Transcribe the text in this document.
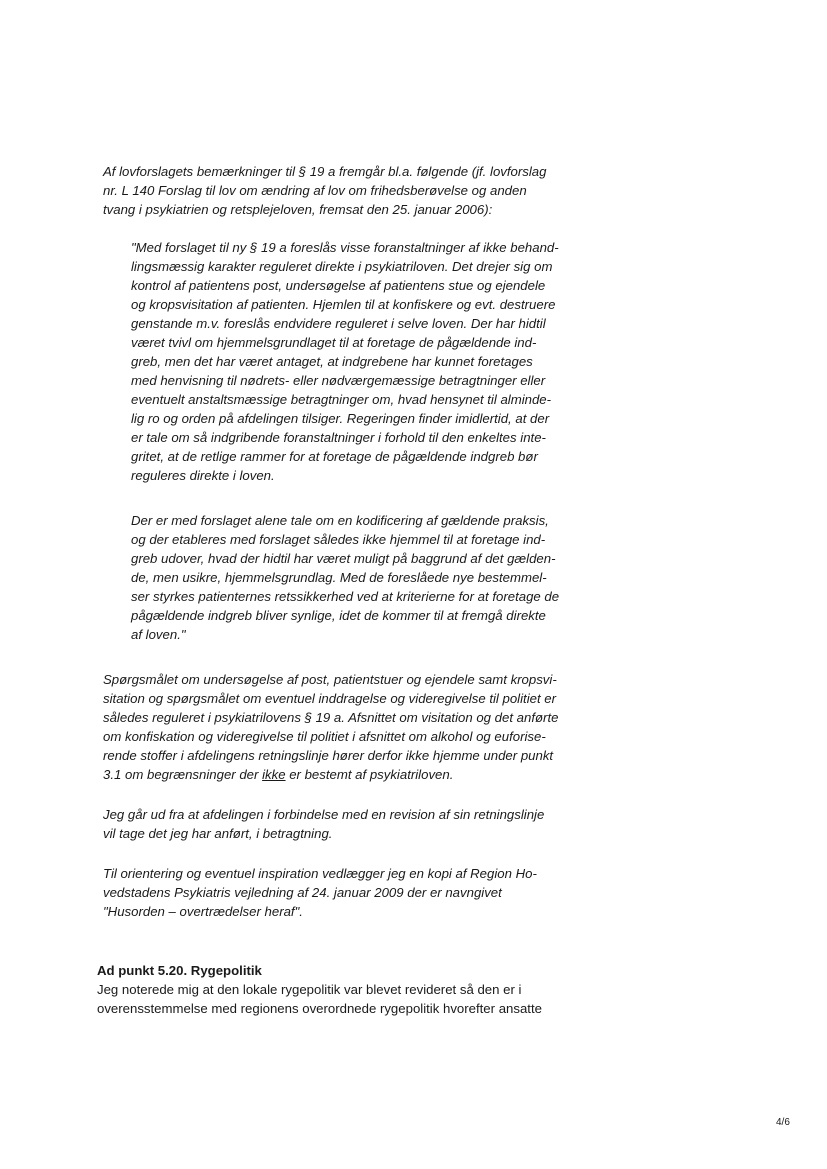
Af lovforslagets bemærkninger til § 19 a fremgår bl.a. følgende (jf. lovforslag
nr. L 140 Forslag til lov om ændring af lov om frihedsberøvelse og anden
tvang i psykiatrien og retsplejeloven, fremsat den 25. januar 2006):
"Med forslaget til ny § 19 a foreslås visse foranstaltninger af ikke behand-
lingsmæssig karakter reguleret direkte i psykiatriloven. Det drejer sig om
kontrol af patientens post, undersøgelse af patientens stue og ejendele
og kropsvisitation af patienten. Hjemlen til at konfiskere og evt. destruere
genstande m.v. foreslås endvidere reguleret i selve loven. Der har hidtil
været tvivl om hjemmelsgrundlaget til at foretage de pågældende ind-
greb, men det har været antaget, at indgrebene har kunnet foretages
med henvisning til nødrets- eller nødværgemæssige betragtninger eller
eventuelt anstaltsmæssige betragtninger om, hvad hensynet til alminde-
lig ro og orden på afdelingen tilsiger. Regeringen finder imidlertid, at der
er tale om så indgribende foranstaltninger i forhold til den enkeltes inte-
gritet, at de retlige rammer for at foretage de pågældende indgreb bør
reguleres direkte i loven.
Der er med forslaget alene tale om en kodificering af gældende praksis,
og der etableres med forslaget således ikke hjemmel til at foretage ind-
greb udover, hvad der hidtil har været muligt på baggrund af det gælden-
de, men usikre, hjemmelsgrundlag. Med de foreslåede nye bestemmel-
ser styrkes patienternes retssikkerhed ved at kriterierne for at foretage de
pågældende indgreb bliver synlige, idet de kommer til at fremgå direkte
af loven."
Spørgsmålet om undersøgelse af post, patientstuer og ejendele samt kropsvi-
sitation og spørgsmålet om eventuel inddragelse og videregivelse til politiet er
således reguleret i psykiatrilovens § 19 a. Afsnittet om visitation og det anførte
om konfiskation og videregivelse til politiet i afsnittet om alkohol og euforise-
rende stoffer i afdelingens retningslinje hører derfor ikke hjemme under punkt
3.1 om begrænsninger der ikke er bestemt af psykiatriloven.
Jeg går ud fra at afdelingen i forbindelse med en revision af sin retningslinje
vil tage det jeg har anført, i betragtning.
Til orientering og eventuel inspiration vedlægger jeg en kopi af Region Ho-
vedstadens Psykiatris vejledning af 24. januar 2009 der er navngivet
"Husorden – overtrædelser heraf".
Ad punkt 5.20. Rygepolitik
Jeg noterede mig at den lokale rygepolitik var blevet revideret så den er i
overensstemmelse med regionens overordnede rygepolitik hvorefter ansatte
4/6
